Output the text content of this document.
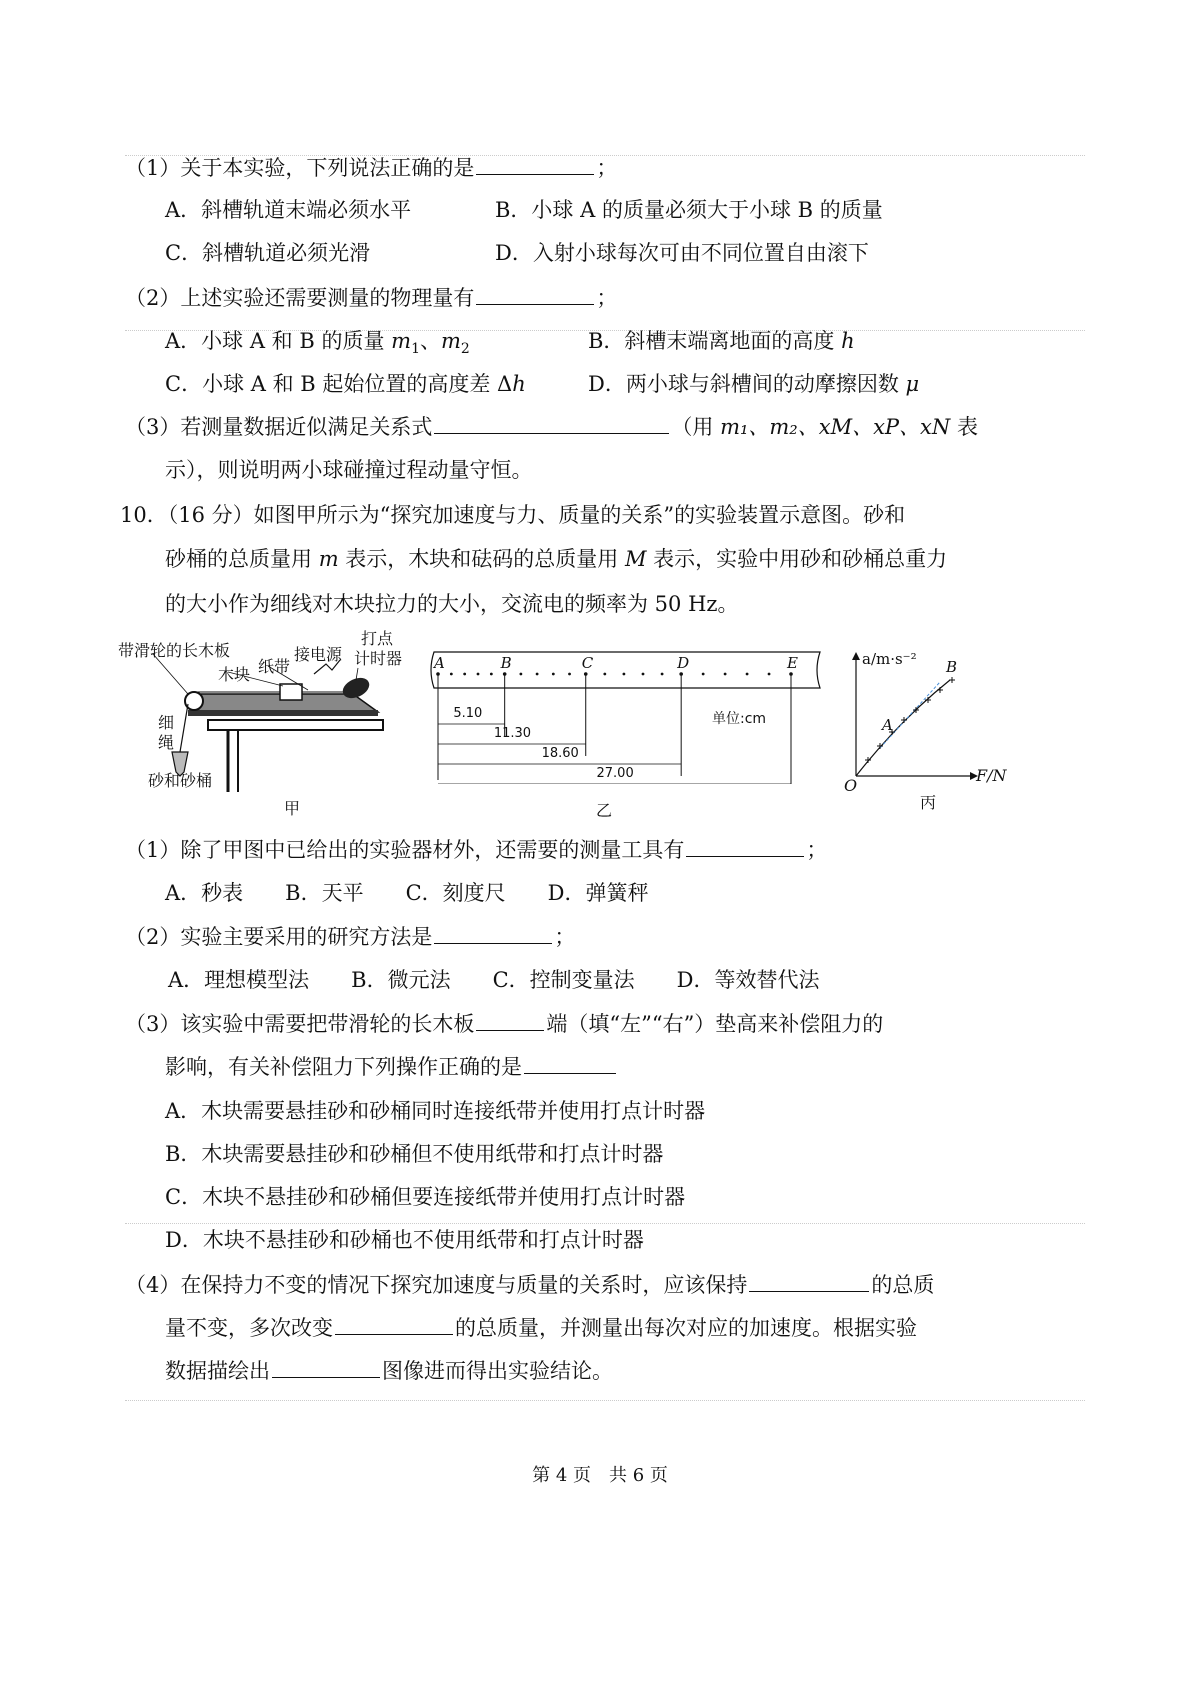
（1）关于本实验，下列说法正确的是	；
A．斜槽轨道末端必须水平	B．小球 A 的质量必须大于小球 B 的质量
C．斜槽轨道必须光滑	D．入射小球每次可由不同位置自由滚下
（2）上述实验还需要测量的物理量有	；
A．小球 A 和 B 的质量 $m_1$、$m_2$	B．斜槽末端离地面的高度 h
C．小球 A 和 B 起始位置的高度差 Δh	D．两小球与斜槽间的动摩擦因数 μ
（3）若测量数据近似满足关系式	（用 m₁、m₂、xM、xP、xN 表
示），则说明两小球碰撞过程动量守恒。
10．（16 分）如图甲所示为“探究加速度与力、质量的关系”的实验装置示意图。砂和
砂桶的总质量用 m 表示，木块和砝码的总质量用 M 表示，实验中用砂和砂桶总重力
的大小作为细线对木块拉力的大小，交流电的频率为 50 Hz。
带滑轮的长木板
木块 纸带
接电源
打点
计时器
细
绳
砂和砂桶
甲
5.10
11.30
18.60
27.00
A	B	C	D	E
单位:cm
乙
a/m·s⁻²
F/N
O
A
B
丙
（1）除了甲图中已给出的实验器材外，还需要的测量工具有	；
A．秒表　　B．天平　　C．刻度尺　　D．弹簧秤
（2）实验主要采用的研究方法是	；
A．理想模型法　　B．微元法　　C．控制变量法　　D．等效替代法
（3）该实验中需要把带滑轮的长木板	端（填“左”“右”）垫高来补偿阻力的
影响，有关补偿阻力下列操作正确的是
A．木块需要悬挂砂和砂桶同时连接纸带并使用打点计时器
B．木块需要悬挂砂和砂桶但不使用纸带和打点计时器
C．木块不悬挂砂和砂桶但要连接纸带并使用打点计时器
D．木块不悬挂砂和砂桶也不使用纸带和打点计时器
（4）在保持力不变的情况下探究加速度与质量的关系时，应该保持	的总质
量不变，多次改变	的总质量，并测量出每次对应的加速度。根据实验
数据描绘出	图像进而得出实验结论。
第 4 页　共 6 页
